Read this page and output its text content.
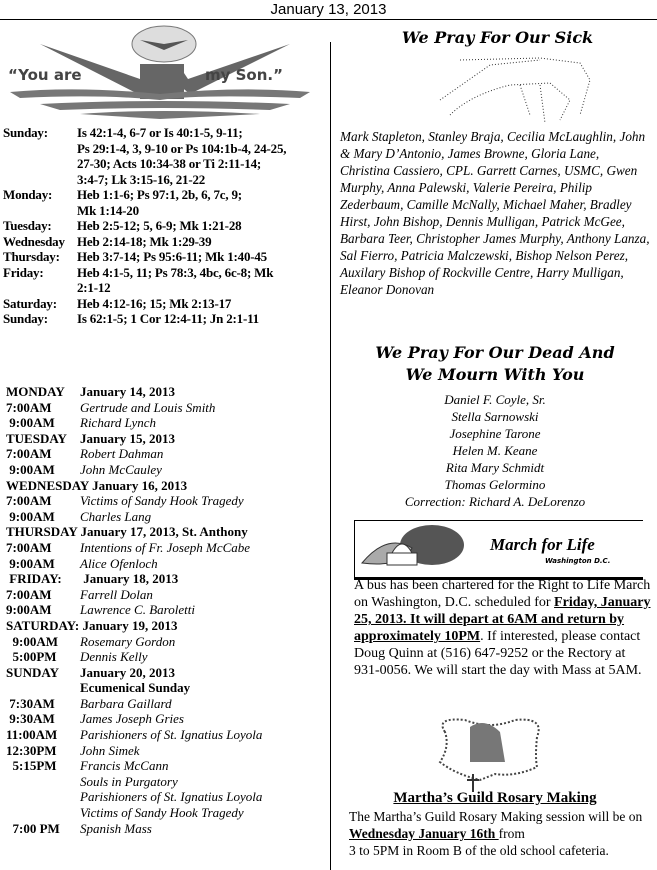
January 13, 2013
“You are	my Son.”
Sunday:	Is 42:1-4, 6-7 or Is 40:1-5, 9-11;
Ps 29:1-4, 3, 9-10 or Ps 104:1b-4, 24-25,
27-30; Acts 10:34-38 or Ti 2:11-14;
3:4-7; Lk 3:15-16, 21-22
Monday:	Heb 1:1-6; Ps 97:1, 2b, 6, 7c, 9;
Mk 1:14-20
Tuesday:	Heb 2:5-12; 5, 6-9; Mk 1:21-28
Wednesday Heb 2:14-18; Mk 1:29-39
Thursday:	Heb 3:7-14; Ps 95:6-11; Mk 1:40-45
Friday:	Heb 4:1-5, 11; Ps 78:3, 4bc, 6c-8; Mk
2:1-12
Saturday:	Heb 4:12-16; 15; Mk 2:13-17
Sunday:	Is 62:1-5; 1 Cor 12:4-11; Jn 2:1-11
MONDAY	January 14, 2013
7:00AM	Gertrude and Louis Smith
9:00AM	Richard Lynch
TUESDAY	January 15, 2013
7:00AM	Robert Dahman
9:00AM	John McCauley
WEDNESDAY January 16, 2013
7:00AM	Victims of Sandy Hook Tragedy
9:00AM	Charles Lang
THURSDAY January 17, 2013, St. Anthony
7:00AM	Intentions of Fr. Joseph McCabe
9:00AM	Alice Ofenloch
FRIDAY:	January 18, 2013
7:00AM	Farrell Dolan
9:00AM	Lawrence C. Baroletti
SATURDAY: January 19, 2013
9:00AM	Rosemary Gordon
5:00PM	Dennis Kelly
SUNDAY	January 20, 2013
Ecumenical Sunday
7:30AM	Barbara Gaillard
9:30AM	James Joseph Gries
11:00AM	Parishioners of St. Ignatius Loyola
12:30PM	John Simek
5:15PM	Francis McCann
Souls in Purgatory
Parishioners of St. Ignatius Loyola
Victims of Sandy Hook Tragedy
7:00 PM	Spanish Mass
We Pray For Our Sick
Mark Stapleton, Stanley Braja, Cecilia McLaughlin, John & Mary D’Antonio, James Browne, Gloria Lane, Christina Cassiero, CPL. Garrett Carnes, USMC, Gwen Murphy, Anna Palewski, Valerie Pereira, Philip Zederbaum, Camille McNally, Michael Maher, Bradley Hirst, John Bishop, Dennis Mulligan, Patrick McGee, Barbara Teer, Christopher James Murphy, Anthony Lanza, Sal Fierro, Patricia Malczewski, Bishop Nelson Perez, Auxilary Bishop of Rockville Centre, Harry Mulligan, Eleanor Donovan
We Pray For Our Dead And
We Mourn With You
Daniel F. Coyle, Sr.
Stella Sarnowski
Josephine Tarone
Helen M. Keane
Rita Mary Schmidt
Thomas Gelormino
Correction: Richard A. DeLorenzo
March for Life
Washington D.C.
A bus has been chartered for the Right to Life March on Washington, D.C. scheduled for Friday, January 25, 2013. It will depart at 6AM and return by approximately 10PM. If interested, please contact Doug Quinn at (516) 647-9252 or the Rectory at 931-0056. We will start the day with Mass at 5AM.
Martha’s Guild Rosary Making
The Martha’s Guild Rosary Making session will be on Wednesday January 16th from
3 to 5PM in Room B of the old school cafeteria.
